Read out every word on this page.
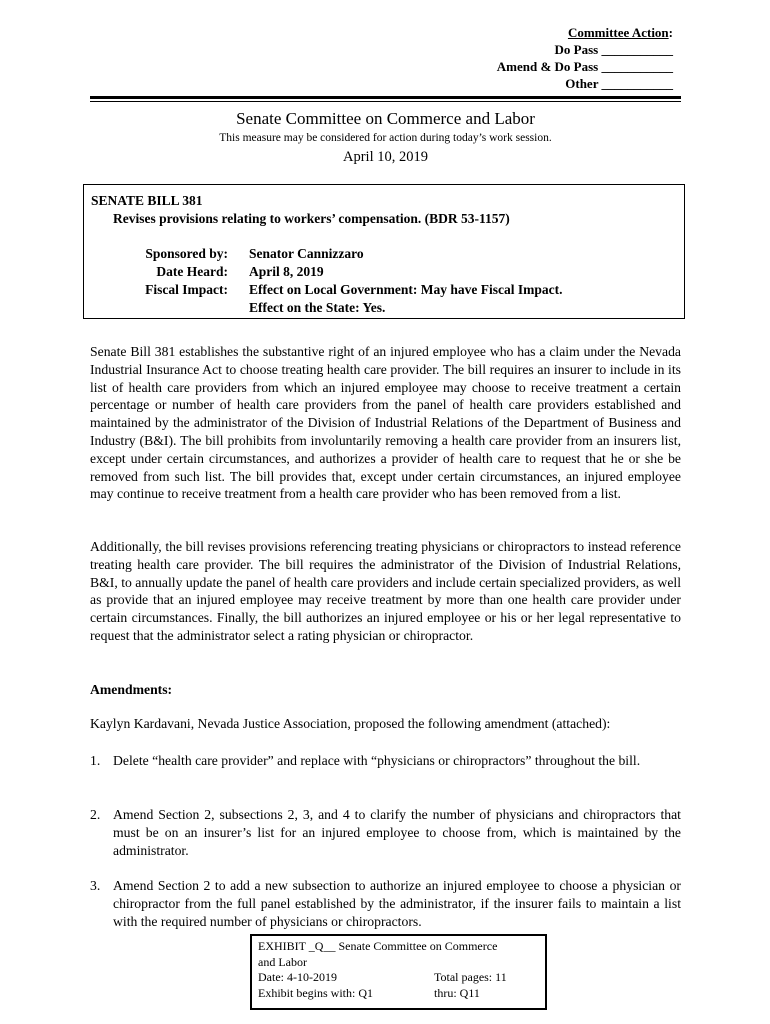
Committee Action:
Do Pass ___________
Amend & Do Pass ___________
Other ___________
Senate Committee on Commerce and Labor
This measure may be considered for action during today’s work session.
April 10, 2019
SENATE BILL 381
Revises provisions relating to workers’ compensation. (BDR 53-1157)
Sponsored by:
Date Heard:
Fiscal Impact:
Senator Cannizzaro
April 8, 2019
Effect on Local Government: May have Fiscal Impact.
Effect on the State: Yes.
Senate Bill 381 establishes the substantive right of an injured employee who has a claim under the Nevada Industrial Insurance Act to choose treating health care provider. The bill requires an insurer to include in its list of health care providers from which an injured employee may choose to receive treatment a certain percentage or number of health care providers from the panel of health care providers established and maintained by the administrator of the Division of Industrial Relations of the Department of Business and Industry (B&I). The bill prohibits from involuntarily removing a health care provider from an insurers list, except under certain circumstances, and authorizes a provider of health care to request that he or she be removed from such list. The bill provides that, except under certain circumstances, an injured employee may continue to receive treatment from a health care provider who has been removed from a list.
Additionally, the bill revises provisions referencing treating physicians or chiropractors to instead reference treating health care provider. The bill requires the administrator of the Division of Industrial Relations, B&I, to annually update the panel of health care providers and include certain specialized providers, as well as provide that an injured employee may receive treatment by more than one health care provider under certain circumstances. Finally, the bill authorizes an injured employee or his or her legal representative to request that the administrator select a rating physician or chiropractor.
Amendments:
Kaylyn Kardavani, Nevada Justice Association, proposed the following amendment (attached):
1. Delete “health care provider” and replace with “physicians or chiropractors” throughout the bill.
2. Amend Section 2, subsections 2, 3, and 4 to clarify the number of physicians and chiropractors that must be on an insurer’s list for an injured employee to choose from, which is maintained by the administrator.
3. Amend Section 2 to add a new subsection to authorize an injured employee to choose a physician or chiropractor from the full panel established by the administrator, if the insurer fails to maintain a list with the required number of physicians or chiropractors.
EXHIBIT _Q__ Senate Committee on Commerce
and Labor
Date: 4-10-2019	Total pages: 11
Exhibit begins with: Q1	thru: Q11
